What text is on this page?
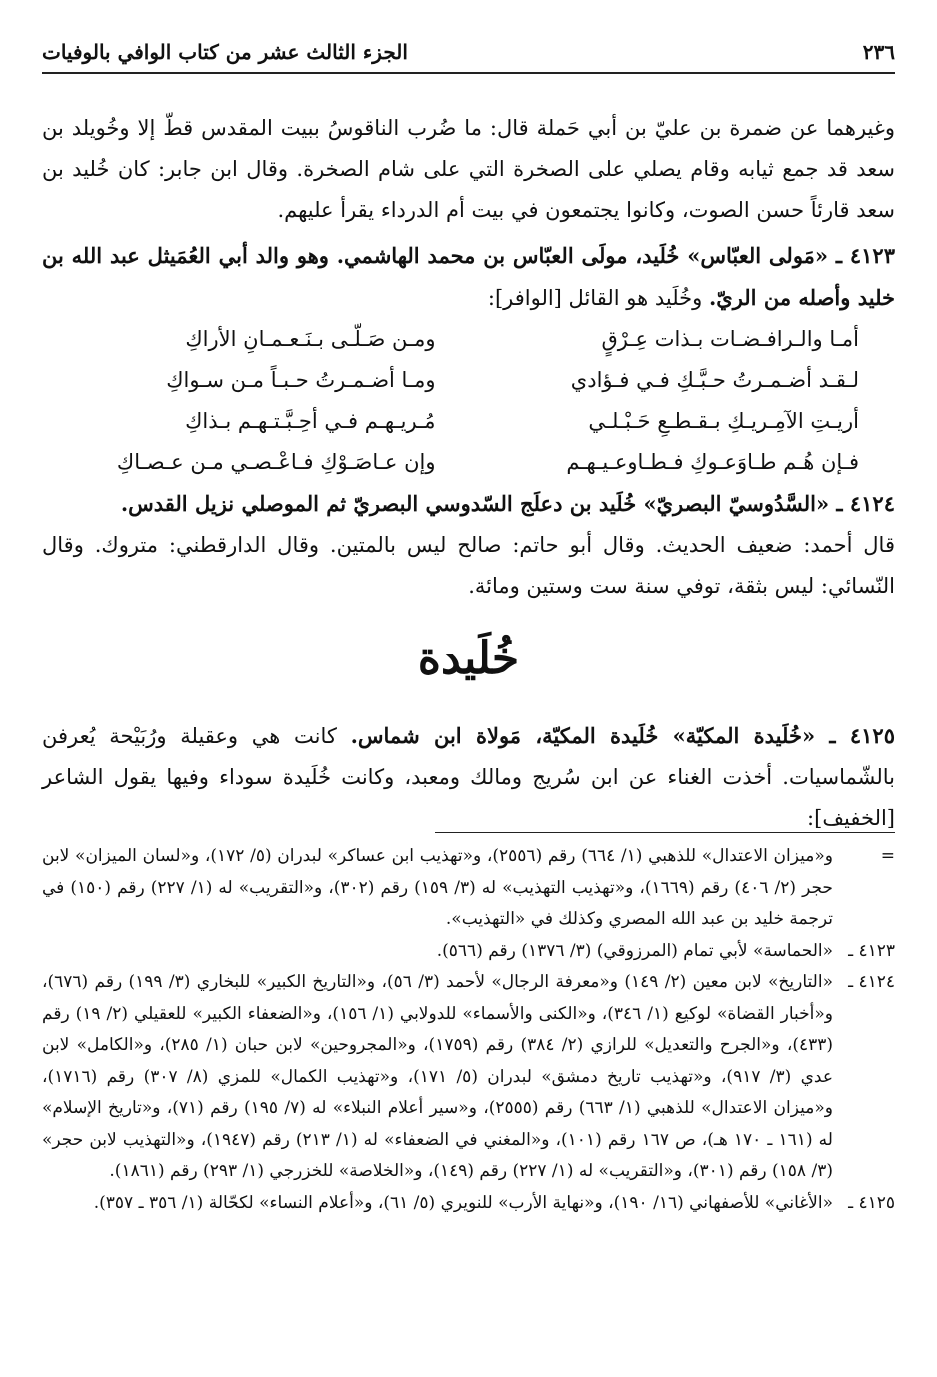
٢٣٦
الجزء الثالث عشر من كتاب الوافي بالوفيات

وغيرهما عن ضمرة بن عليّ بن أبي حَملة قال: ما ضُرب الناقوسُ ببيت المقدس قطّ إلا وخُويلد بن سعد قد جمع ثيابه وقام يصلي على الصخرة التي على شام الصخرة. وقال ابن جابر: كان خُليد بن سعد قارئاً حسن الصوت، وكانوا يجتمعون في بيت أم الدرداء يقرأ عليهم.

٤١٢٣ ـ «مَولى العبّاس» خُلَيد، مولَى العبّاس بن محمد الهاشمي. وهو والد أبي العُمَيثل عبد الله بن خليد وأصله من الريّ. وخُلَيد هو القائل [الوافر]:

أمـا والـرافـضـات بـذات عِـرْقٍ
ومـن صَـلّـى بـنَـعـمـانِ الأراكِ
لـقـد أضـمـرتُ حـبَّـكِ فـي فـؤادي
ومـا أضـمـرتُ حـبـاً مـن سـواكِ
أريـتِ الآمِـريـكِ بـقـطـعِ حَـبْـلـي
مُـريـهـم فـي أحِـبَّـتـهـم بـذاكِ
فـإن هُـم طـاوَعـوكِ فـطـاوعـيـهـم
وإن عـاصَـوْكِ فـاعْـصـي مـن عـصـاكِ

٤١٢٤ ـ «السَّدُوسيّ البصريّ» خُلَيد بن دعلَج السّدوسي البصريّ ثم الموصلي نزيل القدس.

قال أحمد: ضعيف الحديث. وقال أبو حاتم: صالح ليس بالمتين. وقال الدارقطني: متروك. وقال النّسائي: ليس بثقة، توفي سنة ست وستين ومائة.

خُلَيدة

٤١٢٥ ـ «خُلَيدة المكيّة» خُلَيدة المكيّة، مَولاة ابن شماس. كانت هي وعقيلة ورُبَيْحة يُعرفن بالشّماسيات. أخذت الغناء عن ابن سُريج ومالك ومعبد، وكانت خُلَيدة سوداء وفيها يقول الشاعر [الخفيف]:

=
و«ميزان الاعتدال» للذهبي (١/ ٦٦٤) رقم (٢٥٥٦)، و«تهذيب ابن عساكر» لبدران (٥/ ١٧٢)، و«لسان الميزان» لابن حجر (٢/ ٤٠٦) رقم (١٦٦٩)، و«تهذيب التهذيب» له (٣/ ١٥٩) رقم (٣٠٢)، و«التقريب» له (١/ ٢٢٧) رقم (١٥٠) في ترجمة خليد بن عبد الله المصري وكذلك في «التهذيب».
٤١٢٣ ـ
«الحماسة» لأبي تمام (المرزوقي) (٣/ ١٣٧٦) رقم (٥٦٦).
٤١٢٤ ـ
«التاريخ» لابن معين (٢/ ١٤٩) و«معرفة الرجال» لأحمد (٣/ ٥٦)، و«التاريخ الكبير» للبخاري (٣/ ١٩٩) رقم (٦٧٦)، و«أخبار القضاة» لوكيع (١/ ٣٤٦)، و«الكنى والأسماء» للدولابي (١/ ١٥٦)، و«الضعفاء الكبير» للعقيلي (٢/ ١٩) رقم (٤٣٣)، و«الجرح والتعديل» للرازي (٢/ ٣٨٤) رقم (١٧٥٩)، و«المجروحين» لابن حبان (١/ ٢٨٥)، و«الكامل» لابن عدي (٣/ ٩١٧)، و«تهذيب تاريخ دمشق» لبدران (٥/ ١٧١)، و«تهذيب الكمال» للمزي (٨/ ٣٠٧) رقم (١٧١٦)، و«ميزان الاعتدال» للذهبي (١/ ٦٦٣) رقم (٢٥٥٥)، و«سير أعلام النبلاء» له (٧/ ١٩٥) رقم (٧١)، و«تاريخ الإسلام» له (١٦١ ـ ١٧٠ هـ)، ص ١٦٧ رقم (١٠١)، و«المغني في الضعفاء» له (١/ ٢١٣) رقم (١٩٤٧)، و«التهذيب لابن حجر» (٣/ ١٥٨) رقم (٣٠١)، و«التقريب» له (١/ ٢٢٧) رقم (١٤٩)، و«الخلاصة» للخزرجي (١/ ٢٩٣) رقم (١٨٦١).
٤١٢٥ ـ
«الأغاني» للأصفهاني (١٦/ ١٩٠)، و«نهاية الأرب» للنويري (٥/ ٦١)، و«أعلام النساء» لكحّالة (١/ ٣٥٦ ـ ٣٥٧).
